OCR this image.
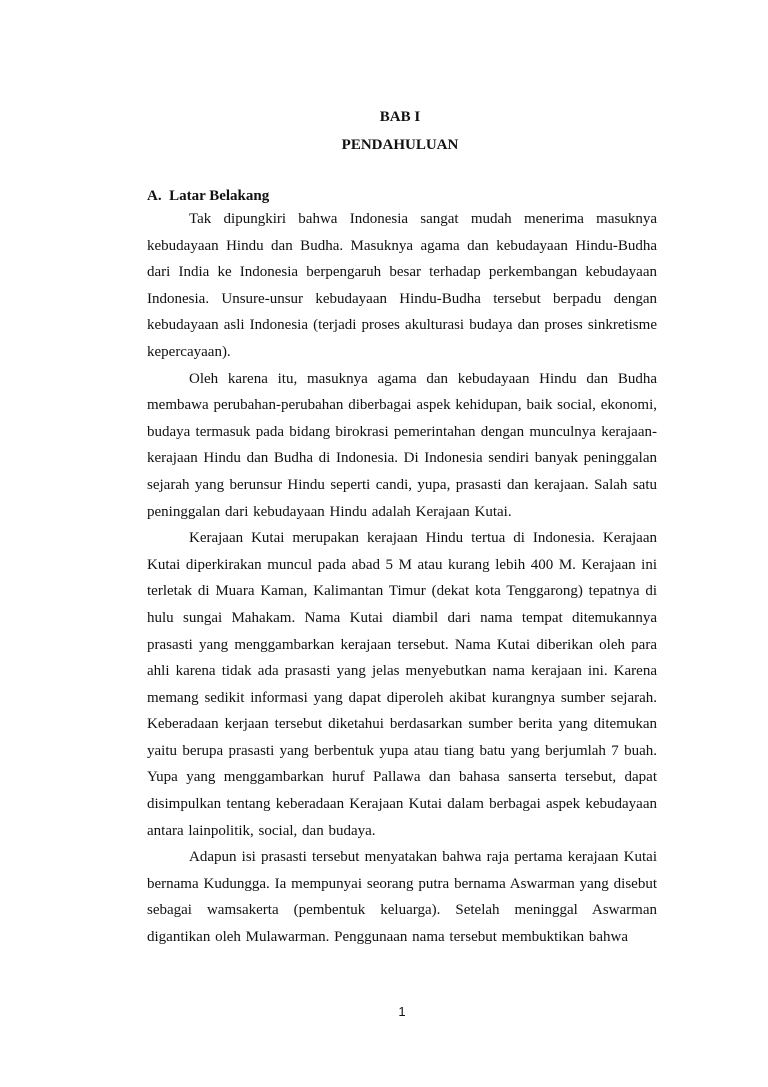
BAB I
PENDAHULUAN
A.  Latar Belakang

Tak dipungkiri bahwa Indonesia sangat mudah menerima masuknya kebudayaan Hindu dan Budha. Masuknya agama dan kebudayaan Hindu-Budha dari India ke Indonesia berpengaruh besar terhadap perkembangan kebudayaan Indonesia. Unsure-unsur kebudayaan Hindu-Budha tersebut berpadu dengan kebudayaan asli Indonesia (terjadi proses akulturasi budaya dan proses sinkretisme kepercayaan).

Oleh karena itu, masuknya agama dan kebudayaan Hindu dan Budha membawa perubahan-perubahan diberbagai aspek kehidupan, baik social, ekonomi, budaya termasuk pada bidang birokrasi pemerintahan dengan munculnya kerajaan-kerajaan Hindu dan Budha di Indonesia. Di Indonesia sendiri banyak peninggalan sejarah yang berunsur Hindu seperti candi, yupa, prasasti dan kerajaan. Salah satu peninggalan dari kebudayaan Hindu adalah Kerajaan Kutai.

Kerajaan Kutai merupakan kerajaan Hindu tertua di Indonesia. Kerajaan Kutai diperkirakan muncul pada abad 5 M atau kurang lebih 400 M. Kerajaan ini terletak di Muara Kaman, Kalimantan Timur (dekat kota Tenggarong) tepatnya di hulu sungai Mahakam. Nama Kutai diambil dari nama tempat ditemukannya prasasti yang menggambarkan kerajaan tersebut. Nama Kutai diberikan oleh para ahli karena tidak ada prasasti yang jelas menyebutkan nama kerajaan ini. Karena memang sedikit informasi yang dapat diperoleh akibat kurangnya sumber sejarah. Keberadaan kerjaan tersebut diketahui berdasarkan sumber berita yang ditemukan yaitu berupa prasasti yang berbentuk yupa atau tiang batu yang berjumlah 7 buah. Yupa yang menggambarkan huruf Pallawa dan bahasa sanserta tersebut, dapat disimpulkan tentang keberadaan Kerajaan Kutai dalam berbagai aspek kebudayaan antara lainpolitik, social, dan budaya.

Adapun isi prasasti tersebut menyatakan bahwa raja pertama kerajaan Kutai bernama Kudungga. Ia mempunyai seorang putra bernama Aswarman yang disebut sebagai wamsakerta (pembentuk keluarga). Setelah meninggal Aswarman digantikan oleh Mulawarman. Penggunaan nama tersebut membuktikan bahwa

1
